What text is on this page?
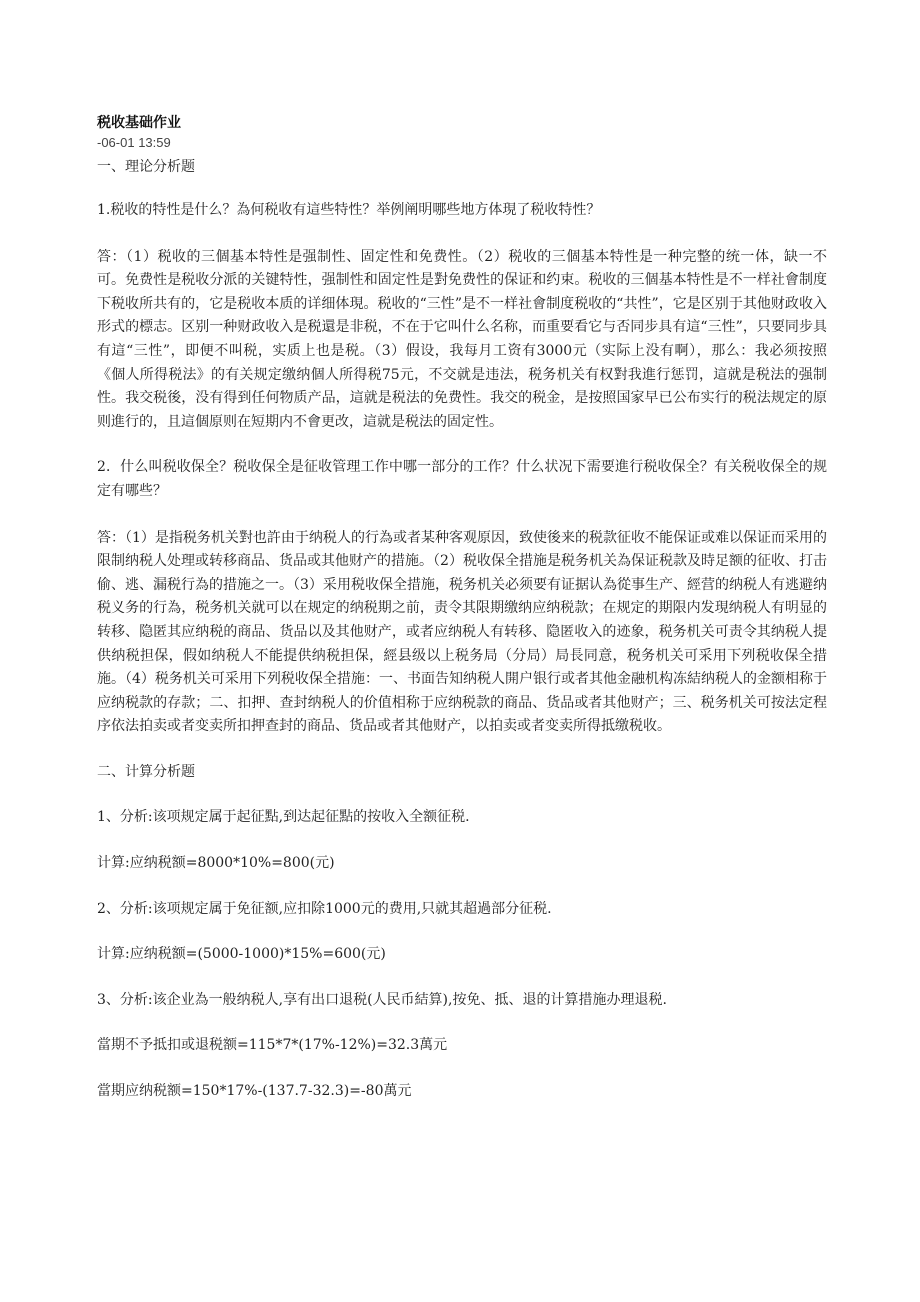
税收基础作业
-06-01 13:59
一、理论分析题

1.税收的特性是什么？為何税收有這些特性？举例阐明哪些地方体現了税收特性？

答：（1）税收的三個基本特性是强制性、固定性和免费性。（2）税收的三個基本特性是一种完整的统一体，缺一不可。免费性是税收分派的关键特性，强制性和固定性是對免费性的保证和约束。税收的三個基本特性是不一样社會制度下税收所共有的，它是税收本质的详细体現。税收的“三性”是不一样社會制度税收的“共性”，它是区别于其他财政收入形式的標志。区别一种财政收入是税還是非税，不在于它叫什么名称，而重要看它与否同步具有這“三性”，只要同步具有這“三性”，即便不叫税，实质上也是税。（3）假设，我每月工资有3000元（实际上没有啊），那么：我必须按照《個人所得税法》的有关规定缴纳個人所得税75元，不交就是违法，税务机关有权對我進行惩罚，這就是税法的强制性。我交税後，没有得到任何物质产品，這就是税法的免费性。我交的税金，是按照国家早已公布实行的税法规定的原则進行的，且這個原则在短期内不會更改，這就是税法的固定性。

2．什么叫税收保全？税收保全是征收管理工作中哪一部分的工作？什么状况下需要進行税收保全？有关税收保全的规定有哪些？

答：（1）是指税务机关對也許由于纳税人的行為或者某种客观原因，致使後来的税款征收不能保证或难以保证而采用的限制纳税人处理或转移商品、货品或其他财产的措施。（2）税收保全措施是税务机关為保证税款及時足额的征收、打击偷、逃、漏税行為的措施之一。（3）采用税收保全措施，税务机关必须要有证据认為從事生产、經营的纳税人有逃避纳税义务的行為，税务机关就可以在规定的纳税期之前，责令其限期缴纳应纳税款；在规定的期限内发現纳税人有明显的转移、隐匿其应纳税的商品、货品以及其他财产，或者应纳税人有转移、隐匿收入的迹象，税务机关可责令其纳税人提供纳税担保，假如纳税人不能提供纳税担保，經县级以上税务局（分局）局長同意，税务机关可采用下列税收保全措施。（4）税务机关可采用下列税收保全措施：一、书面告知纳税人開户银行或者其他金融机构冻結纳税人的金额相称于应纳税款的存款；二、扣押、查封纳税人的价值相称于应纳税款的商品、货品或者其他财产；三、税务机关可按法定程序依法拍卖或者变卖所扣押查封的商品、货品或者其他财产，以拍卖或者变卖所得抵缴税收。

二、计算分析题

1、分析:该项规定属于起征點,到达起征點的按收入全额征税.

计算:应纳税额=8000*10%=800(元)

2、分析:该项规定属于免征额,应扣除1000元的费用,只就其超過部分征税.

计算:应纳税额=(5000-1000)*15%=600(元)

3、分析:该企业為一般纳税人,享有出口退税(人民币結算),按免、抵、退的计算措施办理退税.

當期不予抵扣或退税额=115*7*(17%-12%)=32.3萬元

當期应纳税额=150*17%-(137.7-32.3)=-80萬元
